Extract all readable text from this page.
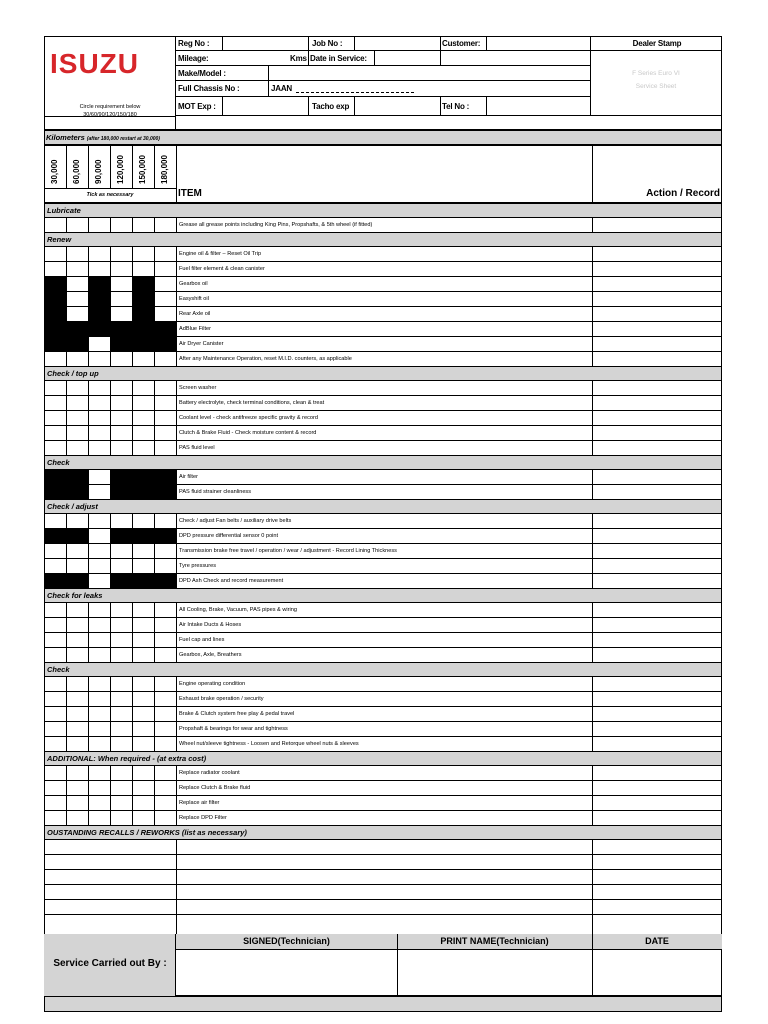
ISUZU
Circle requirement below
30/60/90/120/150/180
Reg No :	Job No :	Customer:	Dealer Stamp
Mileage:	Kms Date in Service:
Make/Model :
Full Chassis No :	JAAN
MOT Exp :	Tacho exp	Tel No :
F Series Euro VI
Service Sheet
Kilometers (after 180,000 restart at 30,000)
30,000 60,000 90,000 120,000 150,000 180,000
Tick as necessary	ITEM	Action / Record
Lubricate
Grease all grease points including King Pins, Propshafts, & 5th wheel (if fitted)
Renew
Engine oil & filter – Reset Oil Trip
Fuel filter element & clean canister
Gearbox oil
Easyshift oil
Rear Axle oil
AdBlue Filter
Air Dryer Canister
After any Maintenance Operation, reset M.I.D. counters, as applicable
Check / top up
Screen washer
Battery electrolyte, check terminal conditions, clean & treat
Coolant level - check antifreeze specific gravity & record
Clutch & Brake Fluid - Check moisture content & record
PAS fluid level
Check
Air filter
PAS fluid strainer cleanliness
Check / adjust
Check / adjust Fan belts / auxiliary drive belts
DPD pressure differential sensor 0 point
Transmission brake free travel / operation / wear / adjustment - Record Lining Thickness
Tyre pressures
DPD Ash Check and record measurement
Check for leaks
All Cooling, Brake, Vacuum, PAS pipes & wiring
Air Intake Ducts & Hoses
Fuel cap and lines
Gearbox, Axle, Breathers
Check
Engine operating condition
Exhaust brake operation / security
Brake & Clutch system free play & pedal travel
Propshaft & bearings for wear and tightness
Wheel nut/sleeve tightness - Loosen and Retorque wheel nuts & sleeves
ADDITIONAL: When required - (at extra cost)
Replace radiator coolant
Replace Clutch & Brake fluid
Replace air filter
Replace DPD Filter
OUSTANDING RECALLS / REWORKS (list as necessary)
Service Carried out By :
SIGNED(Technician)	PRINT NAME(Technician)	DATE
